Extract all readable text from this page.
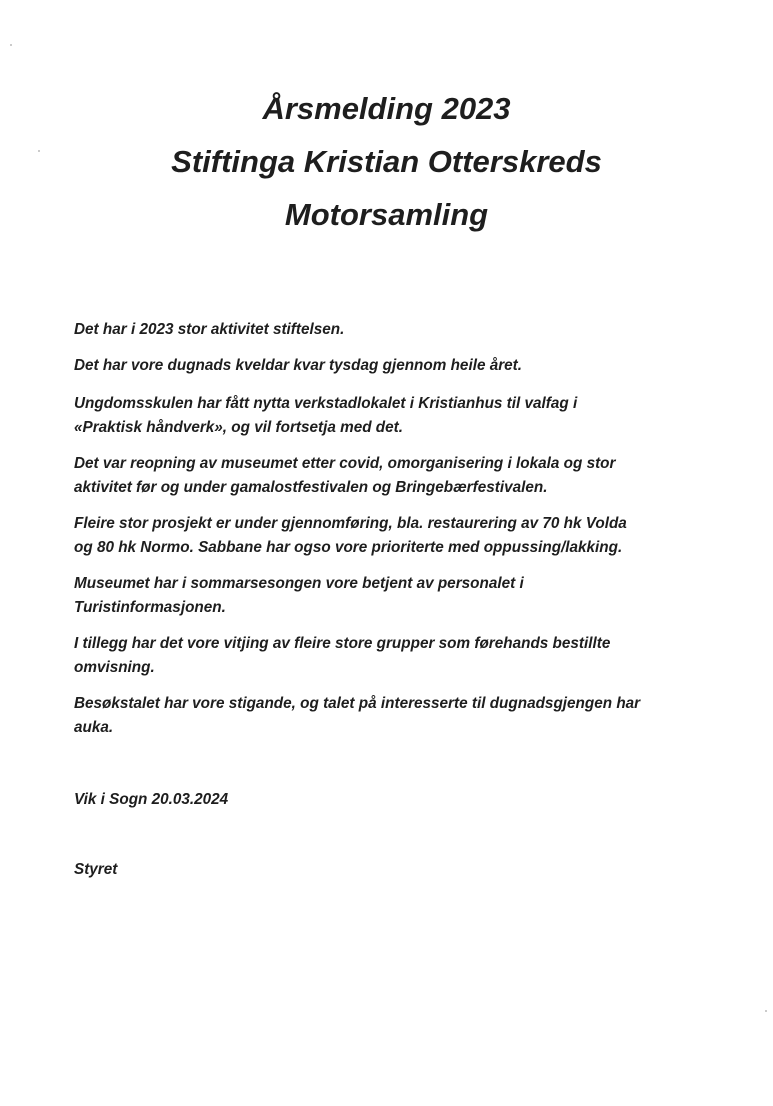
Årsmelding 2023
Stiftinga Kristian Otterskreds
Motorsamling
Det har i 2023 stor aktivitet stiftelsen.
Det har vore dugnads kveldar kvar tysdag gjennom heile året.
Ungdomsskulen har fått nytta verkstadlokalet i Kristianhus til valfag i
«Praktisk håndverk», og vil fortsetja med det.
Det var reopning av museumet etter covid, omorganisering i lokala og stor
aktivitet før og under gamalostfestivalen og Bringebærfestivalen.
Fleire stor prosjekt er under gjennomføring, bla. restaurering av 70 hk Volda
og 80 hk Normo. Sabbane har ogso vore prioriterte med oppussing/lakking.
Museumet har i sommarsesongen vore betjent av personalet i
Turistinformasjonen.
I tillegg har det vore vitjing av fleire store grupper som førehands bestillte
omvisning.
Besøkstalet har vore stigande, og talet på interesserte til dugnadsgjengen har
auka.
Vik i Sogn 20.03.2024
Styret
